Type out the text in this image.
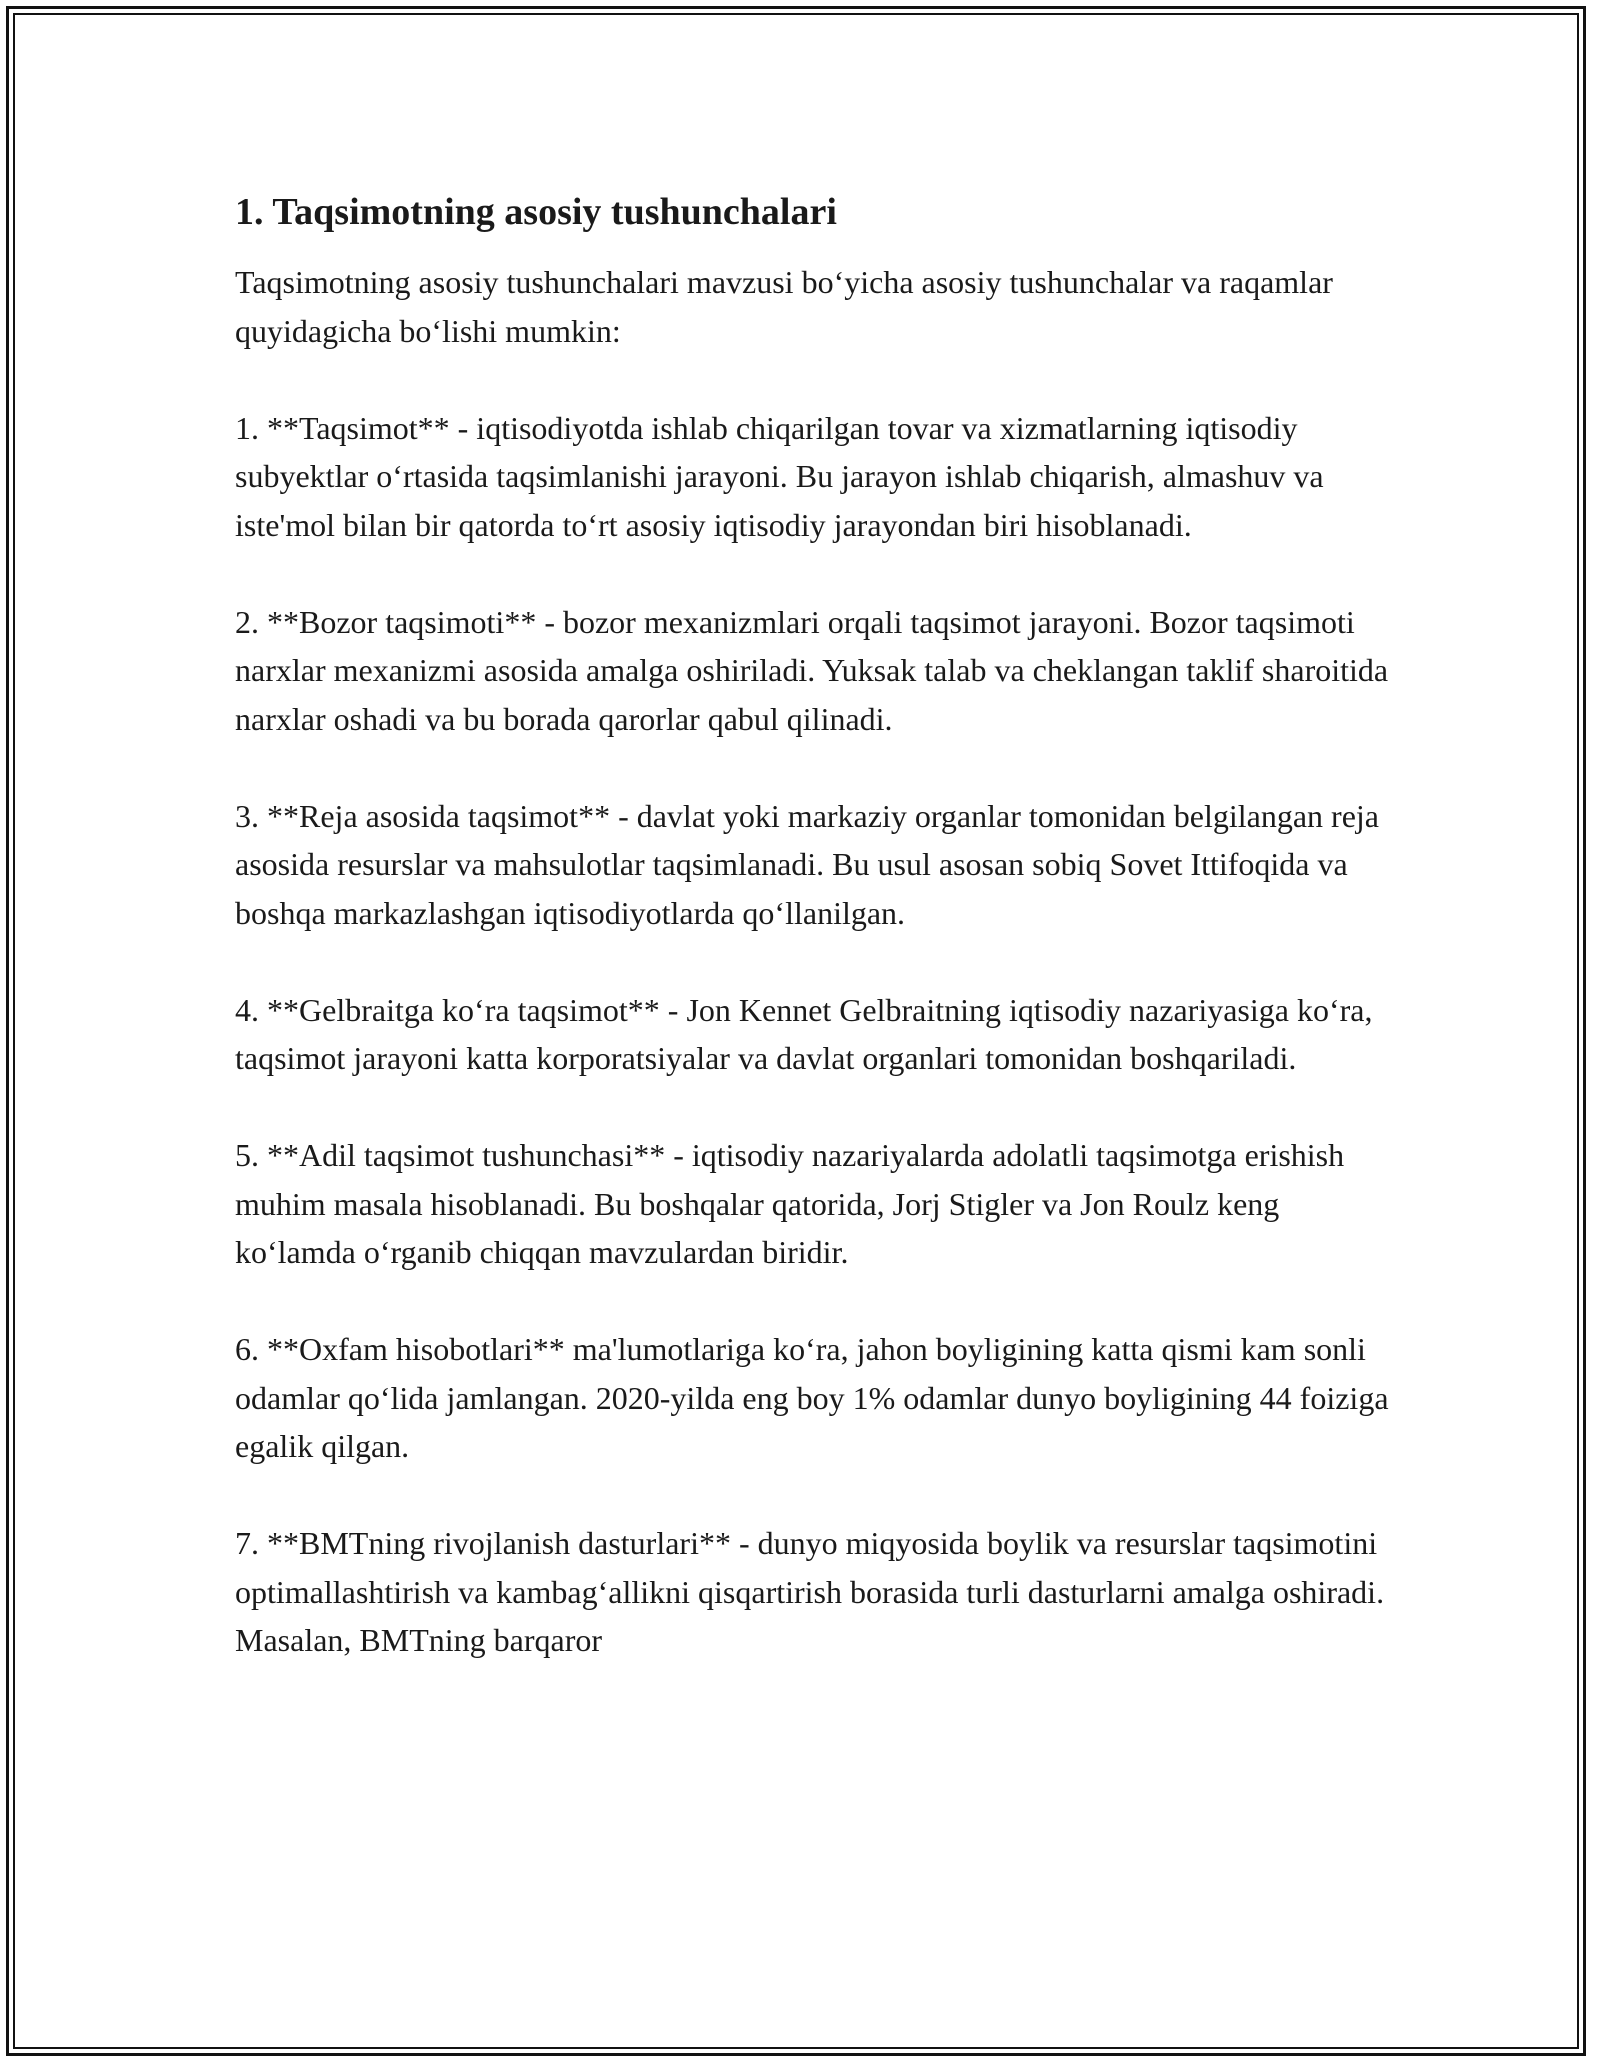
1. Taqsimotning asosiy tushunchalari

Taqsimotning asosiy tushunchalari mavzusi bo‘yicha asosiy tushunchalar va raqamlar quyidagicha bo‘lishi mumkin:

1. **Taqsimot** - iqtisodiyotda ishlab chiqarilgan tovar va xizmatlarning iqtisodiy subyektlar o‘rtasida taqsimlanishi jarayoni. Bu jarayon ishlab chiqarish, almashuv va iste'mol bilan bir qatorda to‘rt asosiy iqtisodiy jarayondan biri hisoblanadi.

2. **Bozor taqsimoti** - bozor mexanizmlari orqali taqsimot jarayoni. Bozor taqsimoti narxlar mexanizmi asosida amalga oshiriladi. Yuksak talab va cheklangan taklif sharoitida narxlar oshadi va bu borada qarorlar qabul qilinadi.

3. **Reja asosida taqsimot** - davlat yoki markaziy organlar tomonidan belgilangan reja asosida resurslar va mahsulotlar taqsimlanadi. Bu usul asosan sobiq Sovet Ittifoqida va boshqa markazlashgan iqtisodiyotlarda qo‘llanilgan.

4. **Gelbraitga ko‘ra taqsimot** - Jon Kennet Gelbraitning iqtisodiy nazariyasiga ko‘ra, taqsimot jarayoni katta korporatsiyalar va davlat organlari tomonidan boshqariladi.

5. **Adil taqsimot tushunchasi** - iqtisodiy nazariyalarda adolatli taqsimotga erishish muhim masala hisoblanadi. Bu boshqalar qatorida, Jorj Stigler va Jon Roulz keng ko‘lamda o‘rganib chiqqan mavzulardan biridir.

6. **Oxfam hisobotlari** ma'lumotlariga ko‘ra, jahon boyligining katta qismi kam sonli odamlar qo‘lida jamlangan. 2020-yilda eng boy 1% odamlar dunyo boyligining 44 foiziga egalik qilgan.

7. **BMTning rivojlanish dasturlari** - dunyo miqyosida boylik va resurslar taqsimotini optimallashtirish va kambag‘allikni qisqartirish borasida turli dasturlarni amalga oshiradi. Masalan, BMTning barqaror
